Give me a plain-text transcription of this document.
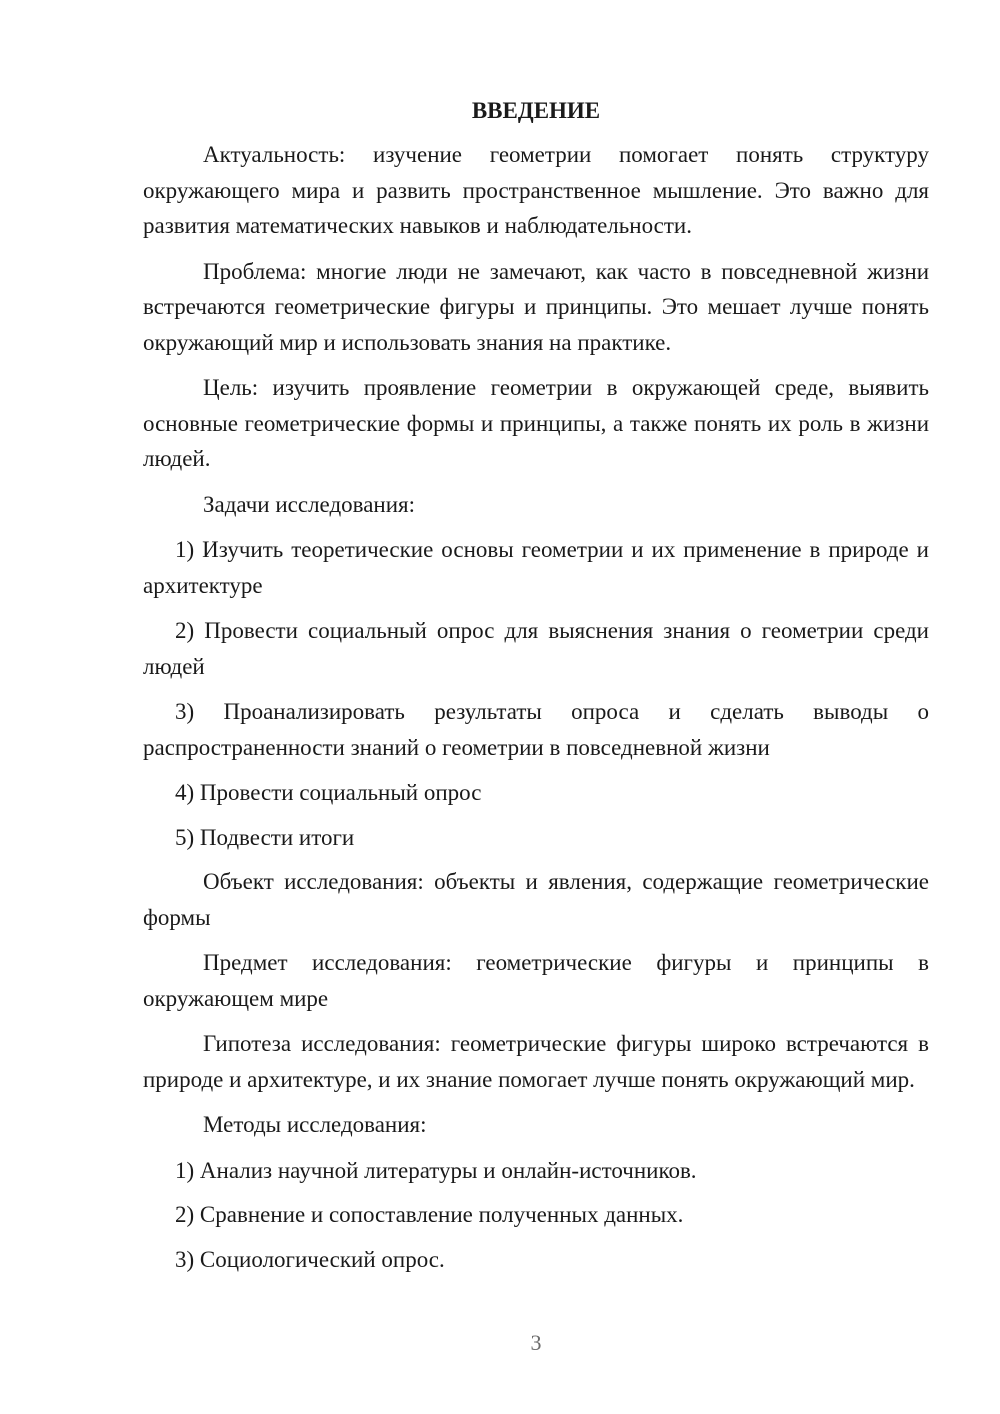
ВВЕДЕНИЕ

Актуальность: изучение геометрии помогает понять структуру окружающего мира и развить пространственное мышление. Это важно для развития математических навыков и наблюдательности.

Проблема: многие люди не замечают, как часто в повседневной жизни встречаются геометрические фигуры и принципы. Это мешает лучше понять окружающий мир и использовать знания на практике.

Цель: изучить проявление геометрии в окружающей среде, выявить основные геометрические формы и принципы, а также понять их роль в жизни людей.

Задачи исследования:

1) Изучить теоретические основы геометрии и их применение в природе и архитектуре

2) Провести социальный опрос для выяснения знания о геометрии среди людей

3) Проанализировать результаты опроса и сделать выводы о распространенности знаний о геометрии в повседневной жизни

4) Провести социальный опрос

5) Подвести итоги

Объект исследования: объекты и явления, содержащие геометрические формы

Предмет исследования: геометрические фигуры и принципы в окружающем мире

Гипотеза исследования: геометрические фигуры широко встречаются в природе и архитектуре, и их знание помогает лучше понять окружающий мир.

Методы исследования:

1) Анализ научной литературы и онлайн-источников.

2) Сравнение и сопоставление полученных данных.

3) Социологический опрос.

3
